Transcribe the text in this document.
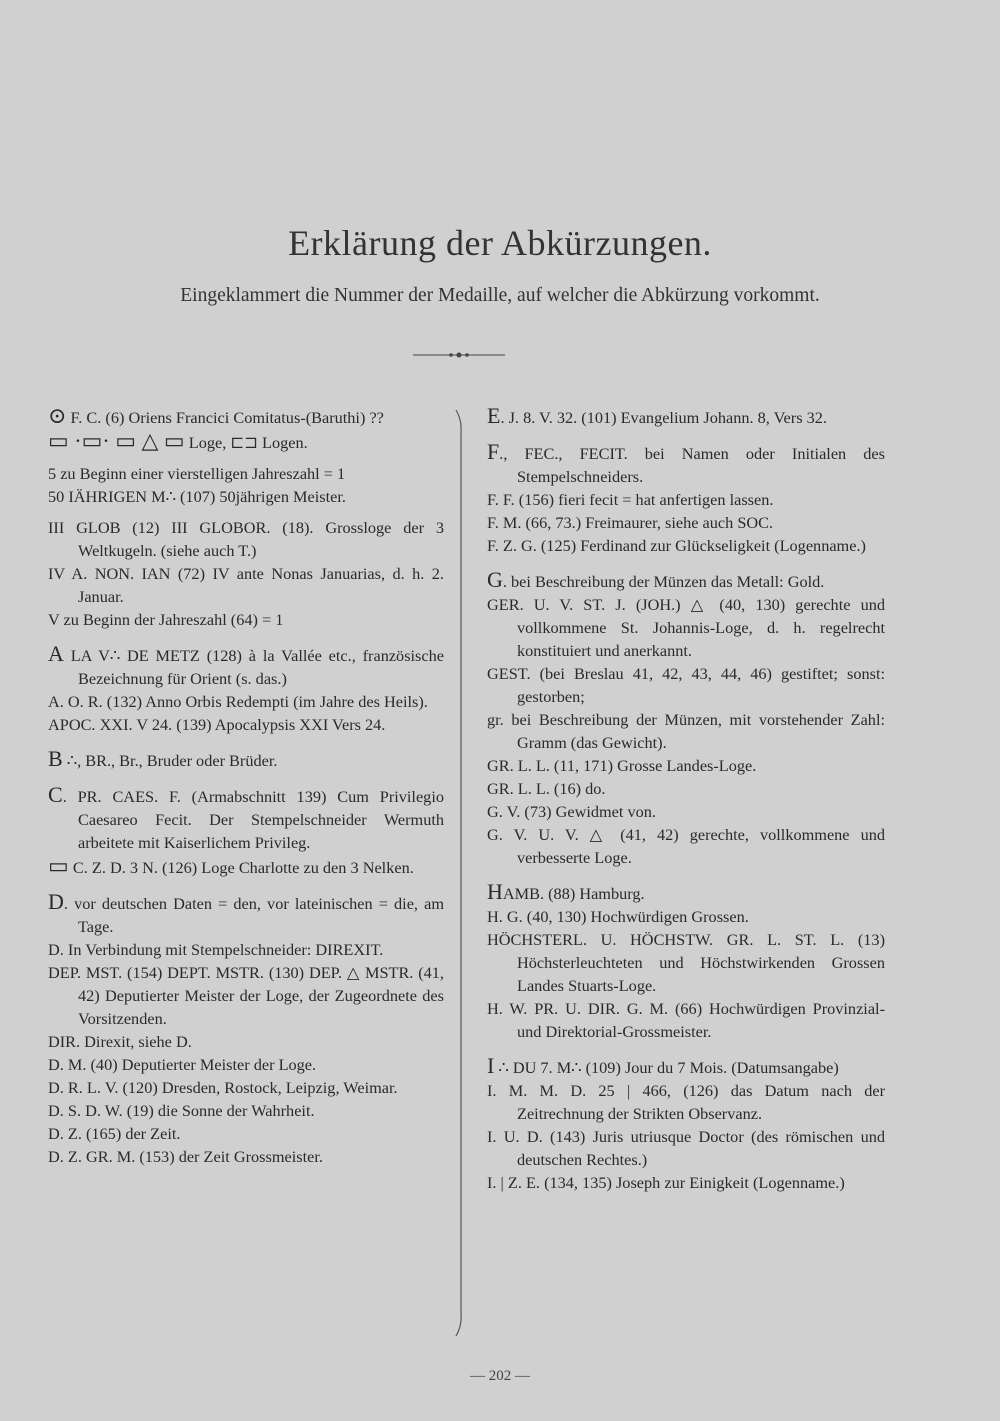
Erklärung der Abkürzungen.
Eingeklammert die Nummer der Medaille, auf welcher die Abkürzung vorkommt.
⊙ F. C. (6) Oriens Francici Comitatus-(Baruthi) ??
▭ ·▭· ▭ △ ▭ Loge, ⊏⊐ Logen.
5 zu Beginn einer vierstelligen Jahreszahl = 1
50 IÄHRIGEN M∴ (107) 50jährigen Meister.
III GLOB (12) III GLOBOR. (18). Grossloge der 3 Weltkugeln. (siehe auch T.)
IV A. NON. IAN (72) IV ante Nonas Januarias, d. h. 2. Januar.
V zu Beginn der Jahreszahl (64) = 1
A LA V∴ DE METZ (128) à la Vallée etc., französische Bezeichnung für Orient (s. das.)
A. O. R. (132) Anno Orbis Redempti (im Jahre des Heils).
APOC. XXI. V 24. (139) Apocalypsis XXI Vers 24.
B ∴, BR., Br., Bruder oder Brüder.
C. PR. CAES. F. (Armabschnitt 139) Cum Privilegio Caesareo Fecit. Der Stempelschneider Wermuth arbeitete mit Kaiserlichem Privileg.
▭ C. Z. D. 3 N. (126) Loge Charlotte zu den 3 Nelken.
D. vor deutschen Daten = den, vor lateinischen = die, am Tage.
D. In Verbindung mit Stempelschneider: DIREXIT.
DEP. MST. (154) DEPT. MSTR. (130) DEP. △ MSTR. (41, 42) Deputierter Meister der Loge, der Zugeordnete des Vorsitzenden.
DIR. Direxit, siehe D.
D. M. (40) Deputierter Meister der Loge.
D. R. L. V. (120) Dresden, Rostock, Leipzig, Weimar.
D. S. D. W. (19) die Sonne der Wahrheit.
D. Z. (165) der Zeit.
D. Z. GR. M. (153) der Zeit Grossmeister.
E. J. 8. V. 32. (101) Evangelium Johann. 8, Vers 32.
F., FEC., FECIT. bei Namen oder Initialen des Stempelschneiders.
F. F. (156) fieri fecit = hat anfertigen lassen.
F. M. (66, 73.) Freimaurer, siehe auch SOC.
F. Z. G. (125) Ferdinand zur Glückseligkeit (Logenname.)
G. bei Beschreibung der Münzen das Metall: Gold.
GER. U. V. ST. J. (JOH.) △ (40, 130) gerechte und vollkommene St. Johannis-Loge, d. h. regelrecht konstituiert und anerkannt.
GEST. (bei Breslau 41, 42, 43, 44, 46) gestiftet; sonst: gestorben;
gr. bei Beschreibung der Münzen, mit vorstehender Zahl: Gramm (das Gewicht).
GR. L. L. (11, 171) Grosse Landes-Loge.
GR. L. L. (16) do.
G. V. (73) Gewidmet von.
G. V. U. V. △ (41, 42) gerechte, vollkommene und verbesserte Loge.
HAMB. (88) Hamburg.
H. G. (40, 130) Hochwürdigen Grossen.
HÖCHSTERL. U. HÖCHSTW. GR. L. ST. L. (13) Höchsterleuchteten und Höchstwirkenden Grossen Landes Stuarts-Loge.
H. W. PR. U. DIR. G. M. (66) Hochwürdigen Provinzial- und Direktorial-Grossmeister.
I ∴ DU 7. M∴ (109) Jour du 7 Mois. (Datumsangabe)
I. M. M. D. 25 | 466, (126) das Datum nach der Zeitrechnung der Strikten Observanz.
I. U. D. (143) Juris utriusque Doctor (des römischen und deutschen Rechtes.)
I. | Z. E. (134, 135) Joseph zur Einigkeit (Logenname.)
— 202 —
